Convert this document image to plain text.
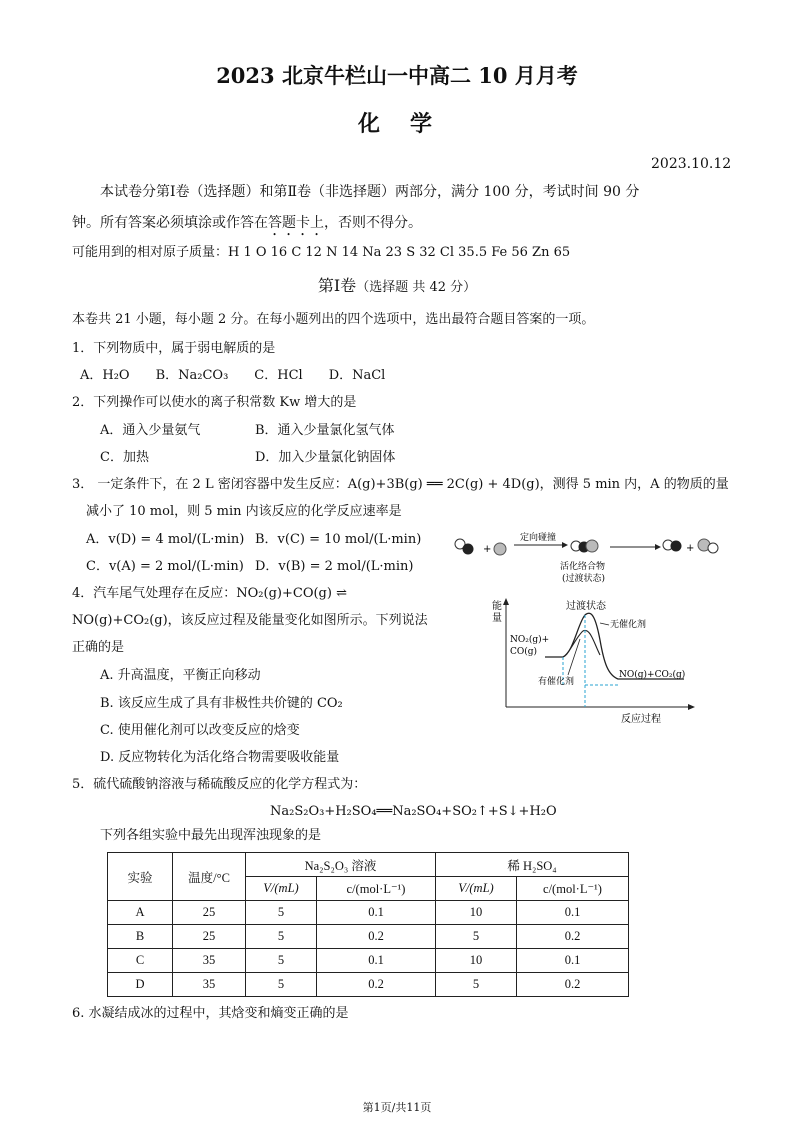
2023 北京牛栏山一中高二 10 月月考
化　学
2023.10.12
本试卷分第Ⅰ卷（选择题）和第Ⅱ卷（非选择题）两部分，满分 100 分，考试时间 90 分
钟。所有答案必须填涂或作答在答题卡上，否则不得分。
可能用到的相对原子质量：H 1 O 16 C 12 N 14 Na 23 S 32 Cl 35.5 Fe 56 Zn 65
第Ⅰ卷（选择题 共 42 分）
本卷共 21 小题，每小题 2 分。在每小题列出的四个选项中，选出最符合题目答案的一项。
1．下列物质中，属于弱电解质的是
A．H₂O　　B．Na₂CO₃　　C．HCl　　D．NaCl
2．下列操作可以使水的离子积常数 Kw 增大的是
A．通入少量氨气	B．通入少量氯化氢气体
C．加热	D．加入少量氯化钠固体
3． 一定条件下，在 2 L 密闭容器中发生反应：A(g)+3B(g) ══ 2C(g) + 4D(g)，测得 5 min 内，A 的物质的量
减小了 10 mol，则 5 min 内该反应的化学反应速率是
A．v(D) = 4 mol/(L·min) B．v(C) = 10 mol/(L·min)
C．v(A) = 2 mol/(L·min) D．v(B) = 2 mol/(L·min)
+
定向碰撞
活化络合物
(过渡状态)
+
4．汽车尾气处理存在反应：NO₂(g)+CO(g) ⇌
NO(g)+CO₂(g)，该反应过程及能量变化如图所示。下列说法
正确的是
A. 升高温度，平衡正向移动
B. 该反应生成了具有非极性共价键的 CO₂
C. 使用催化剂可以改变反应的焓变
D. 反应物转化为活化络合物需要吸收能量
能
量
反应过程
过渡状态
无催化剂
有催化剂
NO₂(g)+
CO(g)
NO(g)+CO₂(g)
5．硫代硫酸钠溶液与稀硫酸反应的化学方程式为：
Na₂S₂O₃+H₂SO₄══Na₂SO₄+SO₂↑+S↓+H₂O
下列各组实验中最先出现浑浊现象的是
实验	温度/°C	Na₂S₂O₃ 溶液		稀 H₂SO₄	
		V/(mL)	c/(mol·L⁻¹)	V/(mL)	c/(mol·L⁻¹)
A	25	5	0.1	10	0.1
B	25	5	0.2	5	0.2
C	35	5	0.1	10	0.1
D	35	5	0.2	5	0.2
6. 水凝结成冰的过程中，其焓变和熵变正确的是
第1页/共11页
